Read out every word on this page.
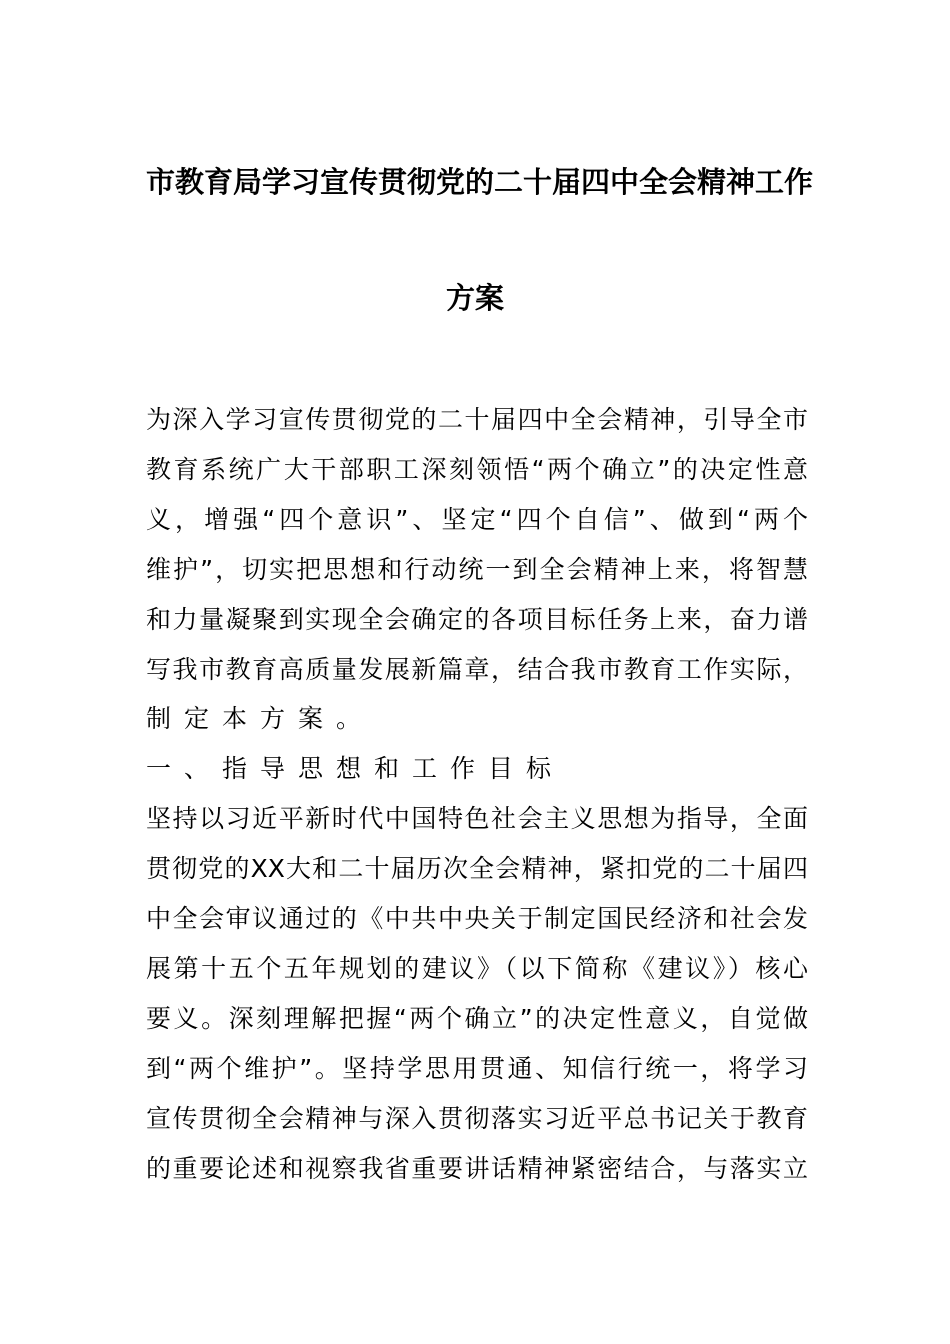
市教育局学习宣传贯彻党的二十届四中全会精神工作
方案
为深入学习宣传贯彻党的二十届四中全会精神，引导全市
教育系统广大干部职工深刻领悟“两个确立”的决定性意
义，增强“四个意识”、坚定“四个自信”、做到“两个
维护”，切实把思想和行动统一到全会精神上来，将智慧
和力量凝聚到实现全会确定的各项目标任务上来，奋力谱
写我市教育高质量发展新篇章，结合我市教育工作实际，
制定本方案。
一、指导思想和工作目标
坚持以习近平新时代中国特色社会主义思想为指导，全面
贯彻党的XX大和二十届历次全会精神，紧扣党的二十届四
中全会审议通过的《中共中央关于制定国民经济和社会发
展第十五个五年规划的建议》（以下简称《建议》）核心
要义。深刻理解把握“两个确立”的决定性意义，自觉做
到“两个维护”。坚持学思用贯通、知信行统一，将学习
宣传贯彻全会精神与深入贯彻落实习近平总书记关于教育
的重要论述和视察我省重要讲话精神紧密结合，与落实立
